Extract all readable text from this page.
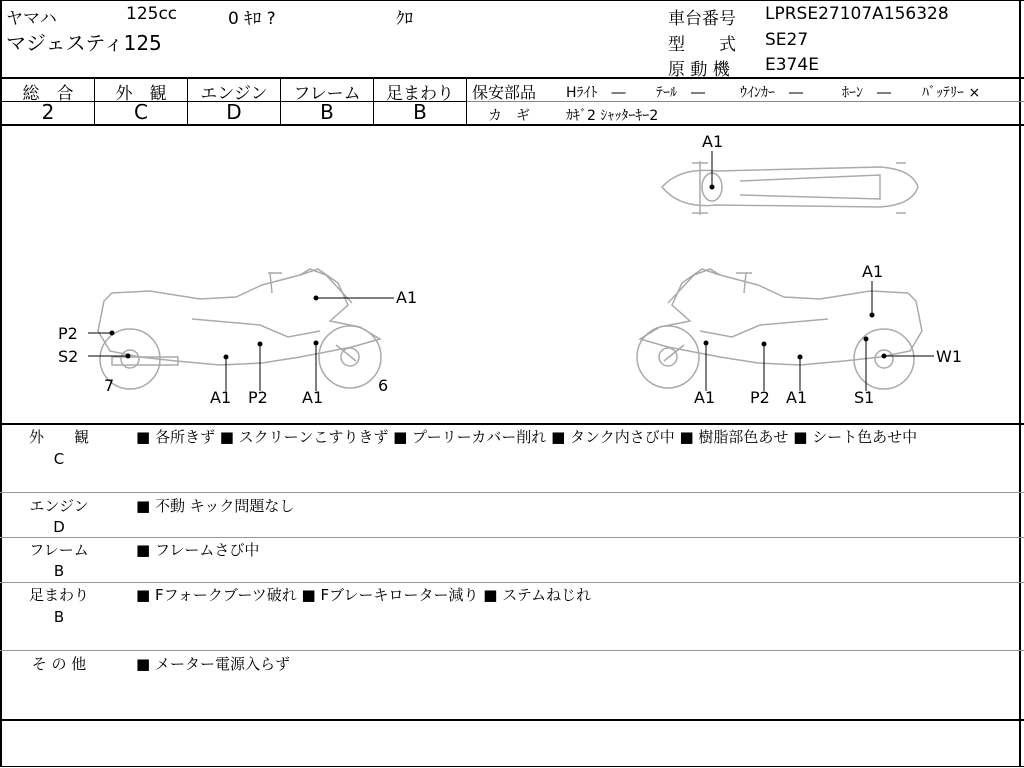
ヤマハ	125cc	0 ｷﾛ ?	ｸﾛ
マジェスティ125
車台番号 LPRSE27107A156328
型　　式 SE27
原 動 機 E374E
総　合
2
外　観
C
エンジン
D
フレーム
B
足まわり
B
保安部品 Hﾗｲﾄ　― ﾃｰﾙ　―	ｳｲﾝｶｰ　―	ﾎｰﾝ　― ﾊﾞｯﾃﾘｰ ×
カ　ギ	ｶｷﾞ2 ｼｬｯﾀｰｷｰ2
A1
P2
S2
7	6
A1 P2 A1
A1
A1
W1
A1 P2 A1	S1
外　　観
C
■ 各所きず ■ スクリーンこすりきず ■ プーリーカバー削れ ■ タンク内さび中 ■ 樹脂部色あせ ■ シート色あせ中
エンジン
D
■ 不動 キック問題なし
フレーム
B
■ フレームさび中
足まわり
B
■ Fフォークブーツ破れ ■ Fブレーキローター減り ■ ステムねじれ
そ の 他	■ メーター電源入らず
